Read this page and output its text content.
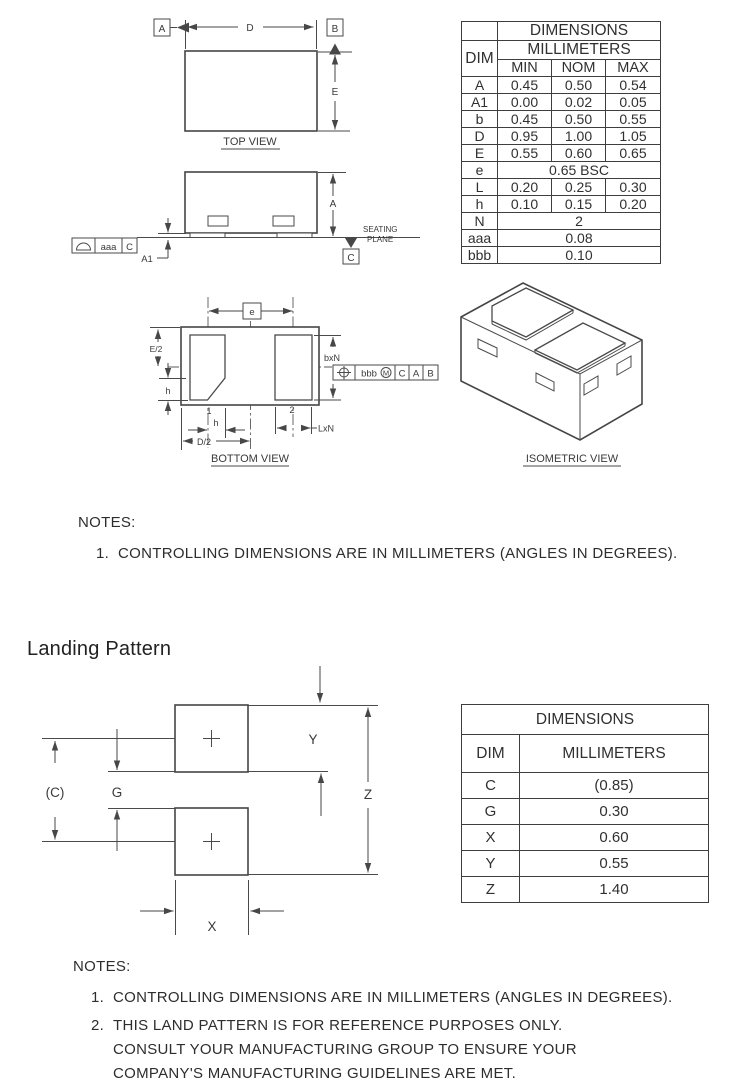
D
A	B
E
TOP VIEW
A
A1
aaa C
C
SEATING
PLANE
e
E/2
h
h
D/2
LxN
bxN
bbb M C A B
1	2
BOTTOM VIEW	ISOMETRIC VIEW
(C)	G
Y
Z
X
	DIMENSIONS		
DIM	MILLIMETERS		
	MIN	NOM	MAX
A	0.45	0.50	0.54
A1	0.00	0.02	0.05
b	0.45	0.50	0.55
D	0.95	1.00	1.05
E	0.55	0.60	0.65
e	0.65 BSC		
L	0.20	0.25	0.30
h	0.10	0.15	0.20
N	2		
aaa	0.08		
bbb	0.10		
NOTES:
1. CONTROLLING DIMENSIONS ARE IN MILLIMETERS (ANGLES IN DEGREES).
Landing Pattern
DIMENSIONS	
DIM	MILLIMETERS
C	(0.85)
G	0.30
X	0.60
Y	0.55
Z	1.40
NOTES:
1. CONTROLLING DIMENSIONS ARE IN MILLIMETERS (ANGLES IN DEGREES).
2. THIS LAND PATTERN IS FOR REFERENCE PURPOSES ONLY.
CONSULT YOUR MANUFACTURING GROUP TO ENSURE YOUR
COMPANY'S MANUFACTURING GUIDELINES ARE MET.
